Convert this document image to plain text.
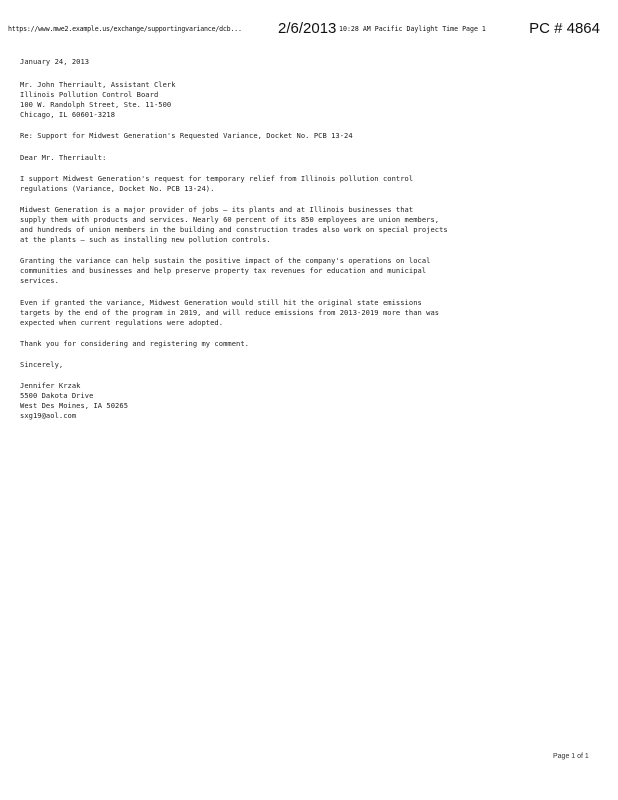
https://www.mwe2.example.us/exchange/supportingvariance/dcb... 2/6/2013 10:28 AM Pacific Daylight Time Page 1	PC # 4864
January 24, 2013
Mr. John Therriault, Assistant Clerk
Illinois Pollution Control Board
100 W. Randolph Street, Ste. 11-500
Chicago, IL 60601-3218
Re: Support for Midwest Generation's Requested Variance, Docket No. PCB 13-24
Dear Mr. Therriault:
I support Midwest Generation's request for temporary relief from Illinois pollution control
regulations (Variance, Docket No. PCB 13-24).
Midwest Generation is a major provider of jobs — its plants and at Illinois businesses that
supply them with products and services. Nearly 60 percent of its 850 employees are union members,
and hundreds of union members in the building and construction trades also work on special projects
at the plants — such as installing new pollution controls.
Granting the variance can help sustain the positive impact of the company's operations on local
communities and businesses and help preserve property tax revenues for education and municipal
services.
Even if granted the variance, Midwest Generation would still hit the original state emissions
targets by the end of the program in 2019, and will reduce emissions from 2013-2019 more than was
expected when current regulations were adopted.
Thank you for considering and registering my comment.
Sincerely,
Jennifer Krzak
5500 Dakota Drive
West Des Moines, IA 50265
sxg19@aol.com
Page 1 of 1
